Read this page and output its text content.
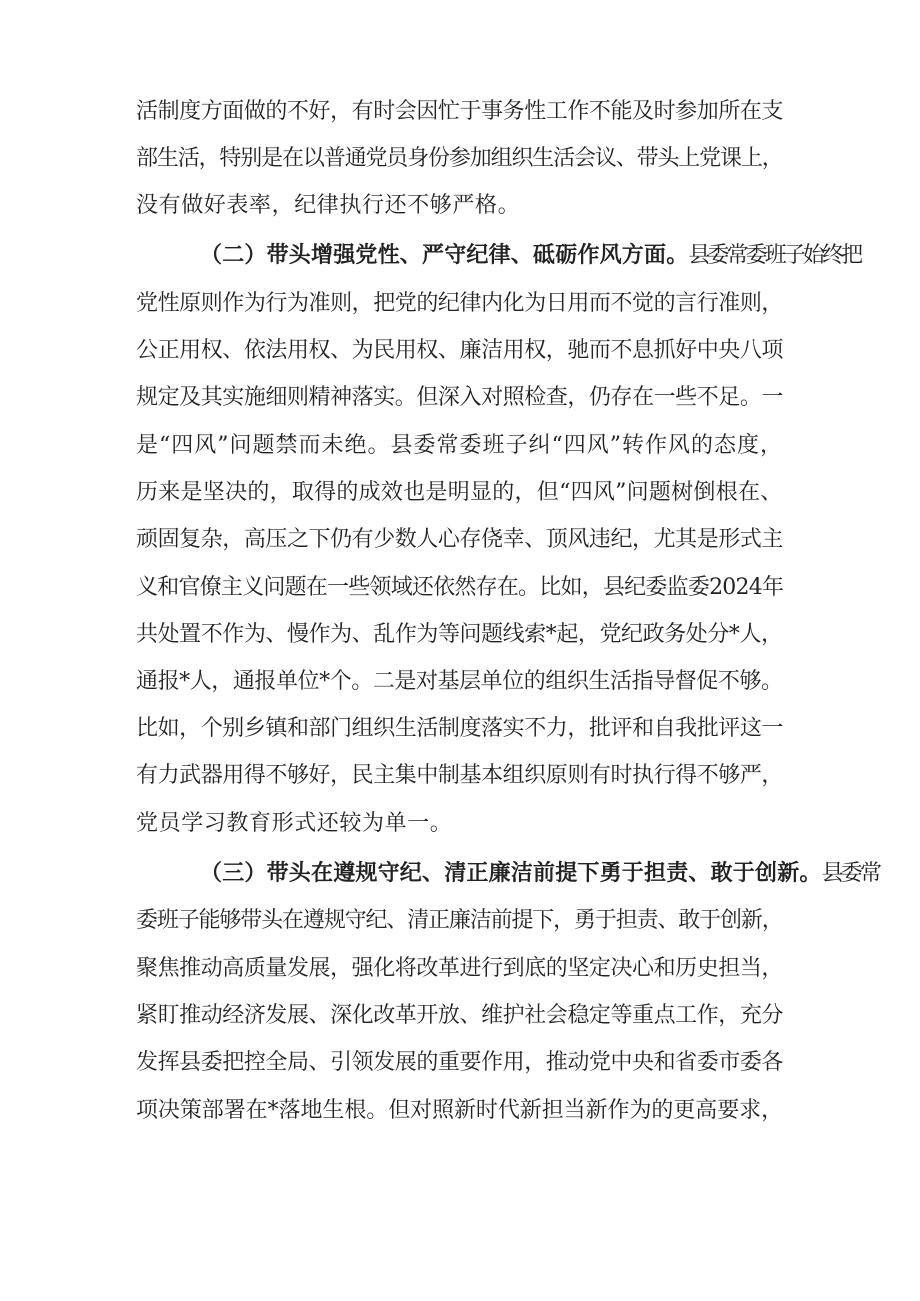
活制度方面做的不好，有时会因忙于事务性工作不能及时参加所在支
部生活，特别是在以普通党员身份参加组织生活会议、带头上党课上，
没有做好表率，纪律执行还不够严格。
（二）带头增强党性、严守纪律、砥砺作风方面。县委常委班子始终把
党性原则作为行为准则，把党的纪律内化为日用而不觉的言行准则，
公正用权、依法用权、为民用权、廉洁用权，驰而不息抓好中央八项
规定及其实施细则精神落实。但深入对照检查，仍存在一些不足。一
是“四风”问题禁而未绝。县委常委班子纠“四风”转作风的态度，
历来是坚决的，取得的成效也是明显的，但“四风”问题树倒根在、
顽固复杂，高压之下仍有少数人心存侥幸、顶风违纪，尤其是形式主
义和官僚主义问题在一些领域还依然存在。比如，县纪委监委2024年
共处置不作为、慢作为、乱作为等问题线索*起，党纪政务处分*人，
通报*人，通报单位*个。二是对基层单位的组织生活指导督促不够。
比如，个别乡镇和部门组织生活制度落实不力，批评和自我批评这一
有力武器用得不够好，民主集中制基本组织原则有时执行得不够严，
党员学习教育形式还较为单一。
（三）带头在遵规守纪、清正廉洁前提下勇于担责、敢于创新。县委常
委班子能够带头在遵规守纪、清正廉洁前提下，勇于担责、敢于创新，
聚焦推动高质量发展，强化将改革进行到底的坚定决心和历史担当，
紧盯推动经济发展、深化改革开放、维护社会稳定等重点工作，充分
发挥县委把控全局、引领发展的重要作用，推动党中央和省委市委各
项决策部署在*落地生根。但对照新时代新担当新作为的更高要求，
